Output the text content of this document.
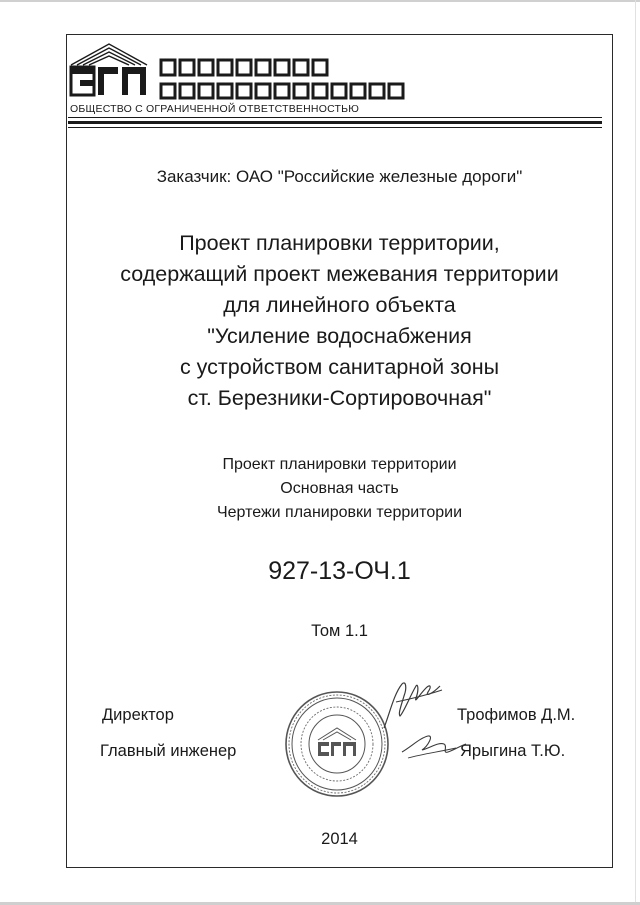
ОБЩЕСТВО С ОГРАНИЧЕННОЙ ОТВЕТСТВЕННОСТЬЮ
Заказчик: ОАО "Российские железные дороги"
Проект планировки территории,
содержащий проект межевания территории
для линейного объекта
"Усиление водоснабжения
с устройством санитарной зоны
ст. Березники-Сортировочная"
Проект планировки территории
Основная часть
Чертежи планировки территории
927-13-ОЧ.1
Том 1.1
Директор
Главный инженер
Трофимов Д.М.
Ярыгина Т.Ю.
2014
